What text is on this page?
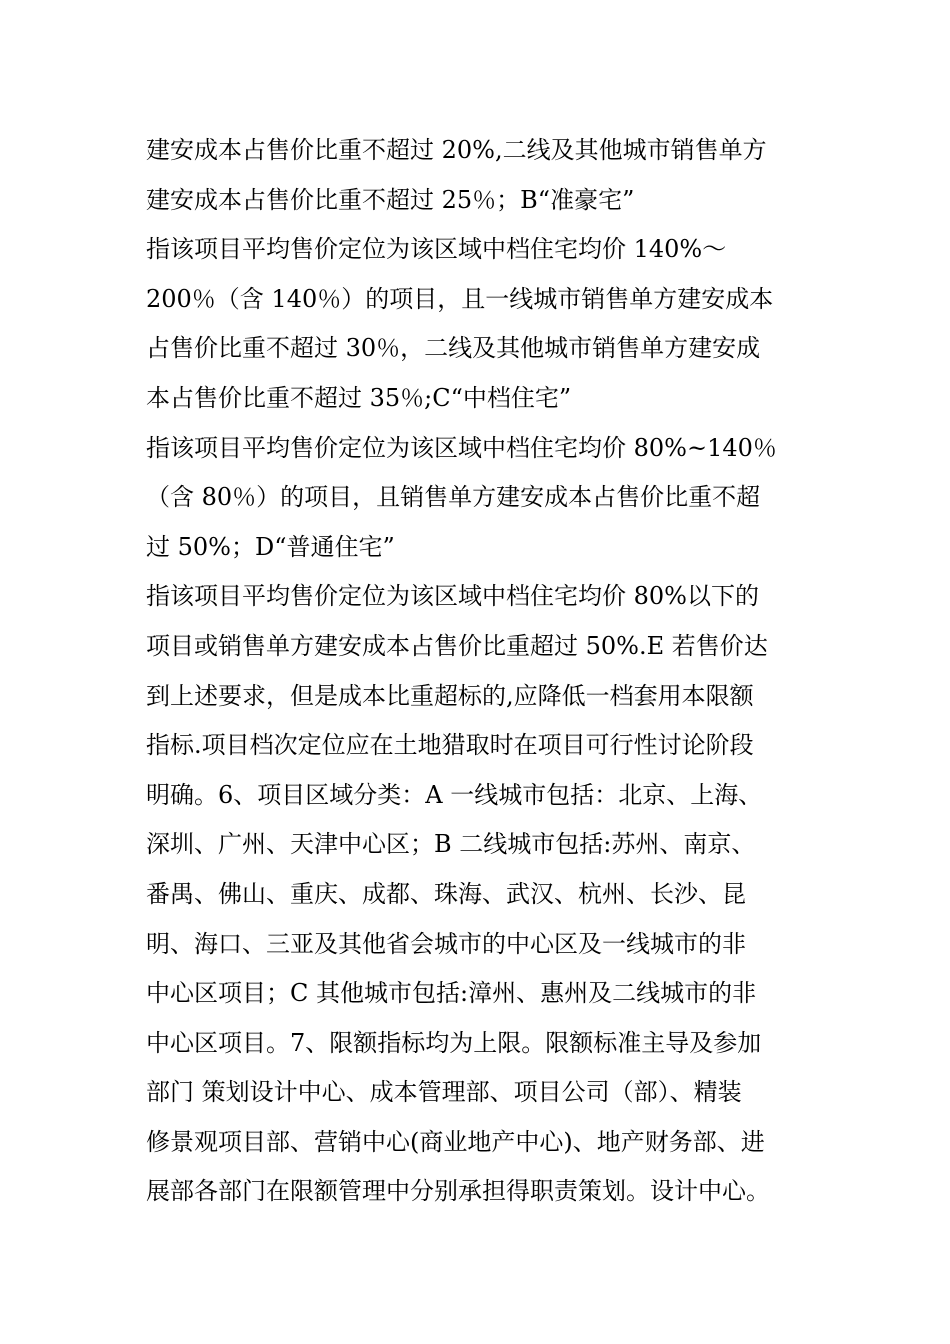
建安成本占售价比重不超过 20%,二线及其他城市销售单方
建安成本占售价比重不超过 25％；B“准豪宅”
指该项目平均售价定位为该区域中档住宅均价 140%～
200％（含 140％）的项目，且一线城市销售单方建安成本
占售价比重不超过 30％，二线及其他城市销售单方建安成
本占售价比重不超过 35％;C“中档住宅”
指该项目平均售价定位为该区域中档住宅均价 80%~140％
（含 80％）的项目，且销售单方建安成本占售价比重不超
过 50%；D“普通住宅”
指该项目平均售价定位为该区域中档住宅均价 80%以下的
项目或销售单方建安成本占售价比重超过 50%.E 若售价达
到上述要求，但是成本比重超标的,应降低一档套用本限额
指标.项目档次定位应在土地猎取时在项目可行性讨论阶段
明确。6、项目区域分类：A 一线城市包括：北京、上海、
深圳、广州、天津中心区；B 二线城市包括:苏州、南京、
番禺、佛山、重庆、成都、珠海、武汉、杭州、长沙、昆
明、海口、三亚及其他省会城市的中心区及一线城市的非
中心区项目；C 其他城市包括:漳州、惠州及二线城市的非
中心区项目。7、限额指标均为上限。限额标准主导及参加
部门 策划设计中心、成本管理部、项目公司（部）、精装
修景观项目部、营销中心(商业地产中心)、地产财务部、进
展部各部门在限额管理中分别承担得职责策划。设计中心。
